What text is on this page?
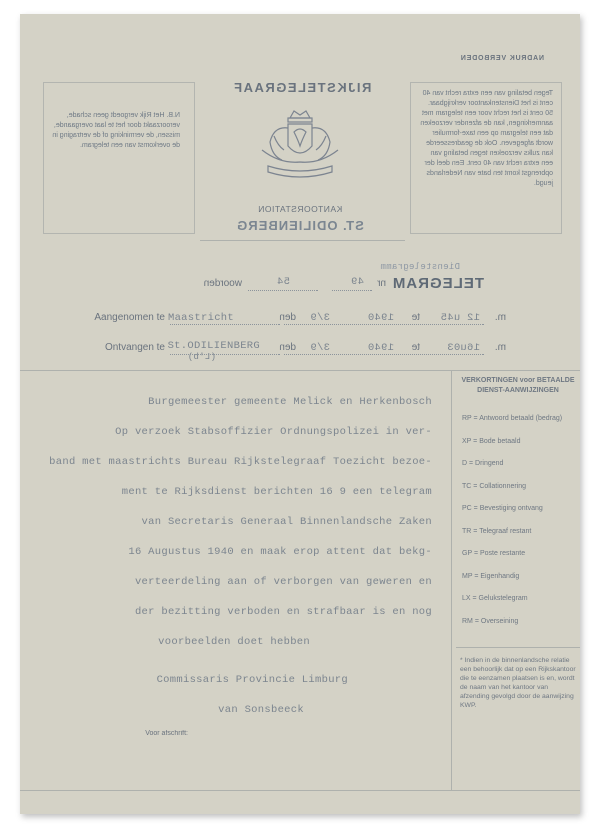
NADRUK VERBODEN
Tegen betaling van een extra recht van 40 cent is het Dienstenkantoor verkrijgbaar. 50 cent is het recht voor een telegram met aanmerkingen, kan de afzender verzoeken dat een telegram op een taxe-formulier wordt afgegeven. Ook de geadresseerde kan zulks verzoeken tegen betaling van een extra recht van 40 cent. Een deel der opbrengst komt ten bate van Nederlands jeugd.
N.B. Het Rijk vergoedt geen schade, veroorzaakt door het te laat overgaande, missen, de verminking of de vertraging in de overkomst van een telegram.
RIJKSTELEGRAAF
KANTOORSTATION
ST. ODILIENBERG
TELEGRAM
nr
49
Dienstelegramm
54
woorden
Aangenomen te Maastricht	den 3/9	1940 te 12 u45 m.
Ontvangen te St.ODILIENBERG
(L'b)
den 3/9	1940 te	16u03 m.
VERKORTINGEN voor BETAALDE DIENST-AANWIJZINGEN
RP = Antwoord betaald (bedrag)
XP = Bode betaald
D = Dringend
TC = Collationnering
PC = Bevestiging ontvang
TR = Telegraaf restant
GP = Poste restante
MP = Eigenhandig
LX = Gelukstelegram
RM = Overseining
* Indien in de binnenlandsche relatie een behoorlijk dat op een Rijkskantoor die te eenzamen plaatsen is en, wordt de naam van het kantoor van afzending gevolgd door de aanwijzing KWP.
Burgemeester gemeente Melick en Herkenbosch
Op verzoek Stabsoffizier Ordnungspolizei in ver-
band met maastrichts Bureau Rijkstelegraaf Toezicht bezoe-
ment te Rijksdienst berichten 16 9 een telegram
van Secretaris Generaal Binnenlandsche Zaken
16 Augustus 1940 en maak erop attent dat bekg-
verteerdeling aan of verborgen van geweren en
der bezitting verboden en strafbaar is en nog
voorbeelden doet hebben
Commissaris Provincie Limburg
van Sonsbeeck
Voor afschrift:
